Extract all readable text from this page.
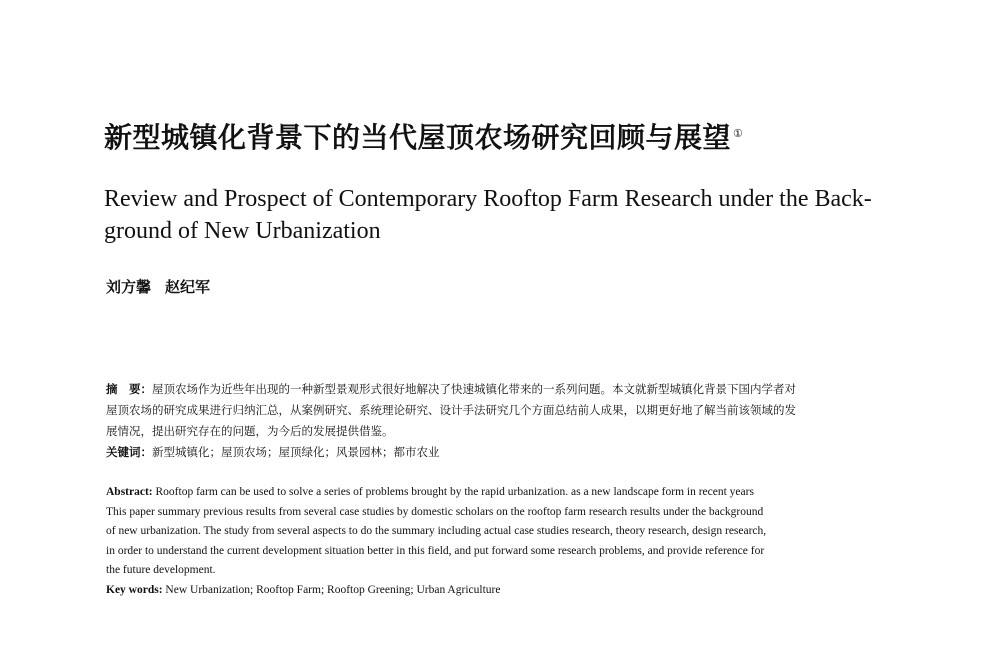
新型城镇化背景下的当代屋顶农场研究回顾与展望 ①
Review and Prospect of Contemporary Rooftop Farm Research under the Back-
ground of New Urbanization
刘方馨 赵纪军
摘　要：屋顶农场作为近些年出现的一种新型景观形式很好地解决了快速城镇化带来的一系列问题。本文就新型城镇化背景下国内学者对
屋顶农场的研究成果进行归纳汇总，从案例研究、系统理论研究、设计手法研究几个方面总结前人成果，以期更好地了解当前该领域的发
展情况，提出研究存在的问题，为今后的发展提供借鉴。
关键词：新型城镇化；屋顶农场；屋顶绿化；风景园林；都市农业
Abstract: Rooftop farm can be used to solve a series of problems brought by the rapid urbanization. as a new landscape form in recent years
This paper summary previous results from several case studies by domestic scholars on the rooftop farm research results under the background
of new urbanization. The study from several aspects to do the summary including actual case studies research, theory research, design research,
in order to understand the current development situation better in this field, and put forward some research problems, and provide reference for
the future development.
Key words: New Urbanization; Rooftop Farm; Rooftop Greening; Urban Agriculture
